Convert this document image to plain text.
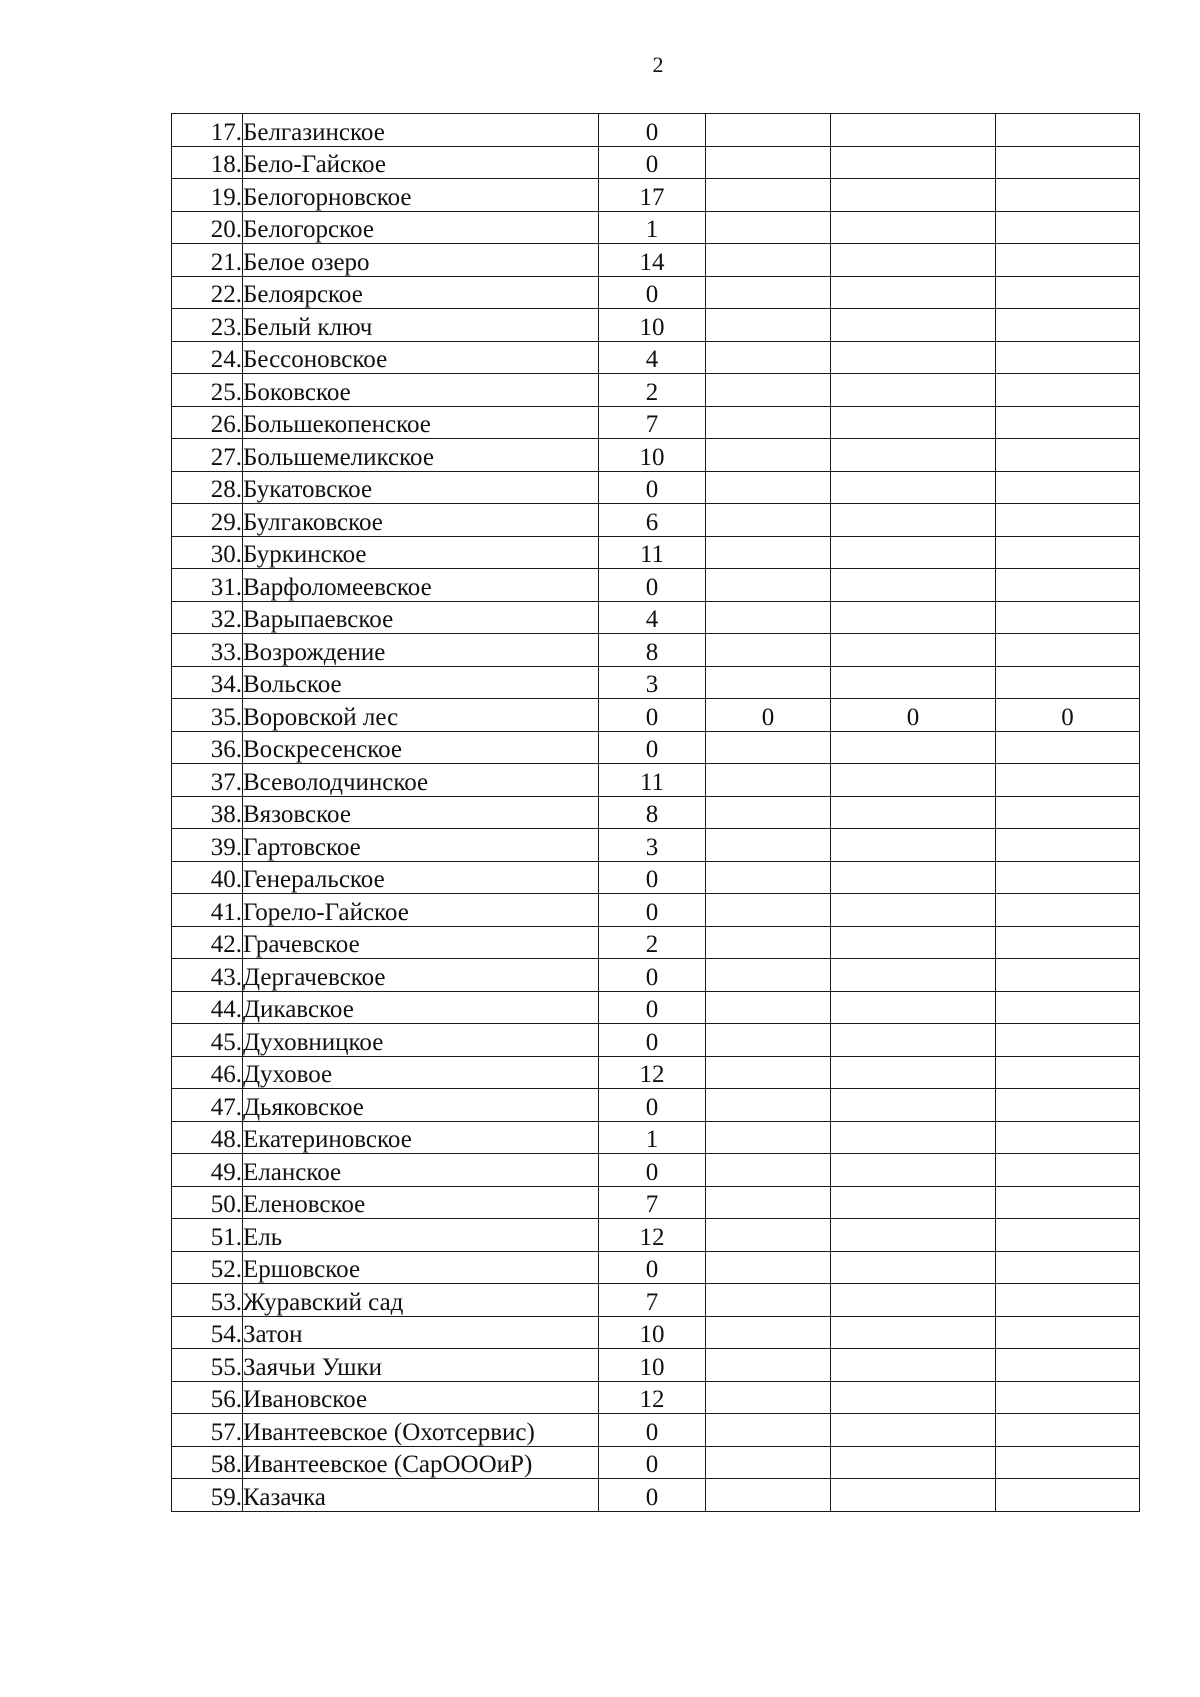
2
17.	Белгазинское	0			
18.	Бело-Гайское	0			
19.	Белогорновское	17			
20.	Белогорское	1			
21.	Белое озеро	14			
22.	Белоярское	0			
23.	Белый ключ	10			
24.	Бессоновское	4			
25.	Боковское	2			
26.	Большекопенское	7			
27.	Большемеликское	10			
28.	Букатовское	0			
29.	Булгаковское	6			
30.	Буркинское	11			
31.	Варфоломеевское	0			
32.	Варыпаевское	4			
33.	Возрождение	8			
34.	Вольское	3			
35.	Воровской лес	0	0	0	0
36.	Воскресенское	0			
37.	Всеволодчинское	11			
38.	Вязовское	8			
39.	Гартовское	3			
40.	Генеральское	0			
41.	Горело-Гайское	0			
42.	Грачевское	2			
43.	Дергачевское	0			
44.	Дикавское	0			
45.	Духовницкое	0			
46.	Духовое	12			
47.	Дьяковское	0			
48.	Екатериновское	1			
49.	Еланское	0			
50.	Еленовское	7			
51.	Ель	12			
52.	Ершовское	0			
53.	Журавский сад	7			
54.	Затон	10			
55.	Заячьи Ушки	10			
56.	Ивановское	12			
57.	Ивантеевское (Охотсервис)	0			
58.	Ивантеевское (СарОООиР)	0			
59.	Казачка	0			
